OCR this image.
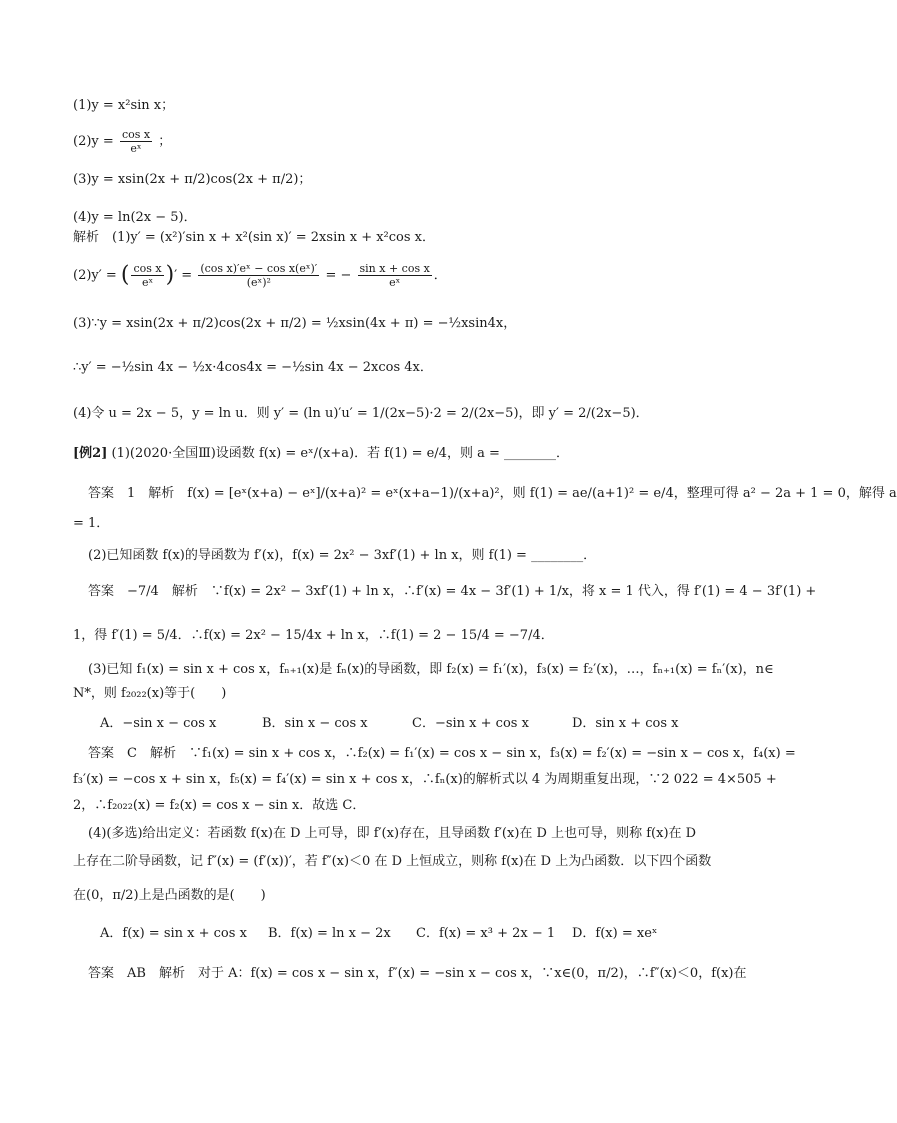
(1)y = x²sin x；
$(2)y = \frac{\text{cos x}}{\text{eˣ}}$ ；
(3)y = xsin(2x + π/2)cos(2x + π/2)；
(4)y = ln(2x − 5)．
解析　(1)y′ = (x²)′sin x + x²(sin x)′ = 2xsin x + x²cos x．
(2)y′ = ( $\frac{\text{cos x}}{\text{eˣ}}$ )′ = $\frac{\text{(cos x)′eˣ − cos x(eˣ)′}}{\text{(eˣ)²}}$ = − $\frac{\text{sin x + cos x}}{\text{eˣ}}$ ．
(3)∵y = xsin(2x + π/2)cos(2x + π/2) = ½xsin(4x + π) = −½xsin4x，
∴y′ = −½sin 4x − ½x·4cos4x = −½sin 4x − 2xcos 4x．
(4)令 u = 2x − 5，y = ln u．则 y′ = (ln u)′u′ = 1/(2x−5)·2 = 2/(2x−5)，即 y′ = 2/(2x−5)．
[例2] (1)(2020·全国Ⅲ)设函数 f(x) = eˣ/(x+a)．若 f(1) = e/4，则 a = ________．
答案　1　解析　f(x) = [eˣ(x+a) − eˣ]/(x+a)² = eˣ(x+a−1)/(x+a)²，则 f(1) = ae/(a+1)² = e/4，整理可得 a² − 2a + 1 = 0，解得 a
= 1．
(2)已知函数 f(x)的导函数为 f′(x)，f(x) = 2x² − 3xf′(1) + ln x，则 f(1) = ________．
答案　−7/4　解析　∵f(x) = 2x² − 3xf′(1) + ln x，∴f′(x) = 4x − 3f′(1) + 1/x，将 x = 1 代入，得 f′(1) = 4 − 3f′(1) +
1，得 f′(1) = 5/4．∴f(x) = 2x² − 15/4x + ln x，∴f(1) = 2 − 15/4 = −7/4．
(3)已知 f₁(x) = sin x + cos x，fₙ₊₁(x)是 fₙ(x)的导函数，即 f₂(x) = f₁′(x)，f₃(x) = f₂′(x)，…，fₙ₊₁(x) = fₙ′(x)，n∈
N*，则 f₂₀₂₂(x)等于(　　)
A．−sin x − cos x	B．sin x − cos x	C．−sin x + cos x	D．sin x + cos x
答案　C　解析　∵f₁(x) = sin x + cos x，∴f₂(x) = f₁′(x) = cos x − sin x，f₃(x) = f₂′(x) = −sin x − cos x，f₄(x) =
f₃′(x) = −cos x + sin x，f₅(x) = f₄′(x) = sin x + cos x，∴fₙ(x)的解析式以 4 为周期重复出现，∵2 022 = 4×505 +
2，∴f₂₀₂₂(x) = f₂(x) = cos x − sin x．故选 C．
(4)(多选)给出定义：若函数 f(x)在 D 上可导，即 f′(x)存在，且导函数 f′(x)在 D 上也可导，则称 f(x)在 D
上存在二阶导函数，记 f″(x) = (f′(x))′，若 f″(x)＜0 在 D 上恒成立，则称 f(x)在 D 上为凸函数．以下四个函数
在(0，π/2)上是凸函数的是(　　)
A．f(x) = sin x + cos x B．f(x) = ln x − 2x C．f(x) = x³ + 2x − 1 D．f(x) = xeˣ
答案　AB　解析　对于 A：f(x) = cos x − sin x，f″(x) = −sin x − cos x，∵x∈(0，π/2)，∴f″(x)＜0，f(x)在
